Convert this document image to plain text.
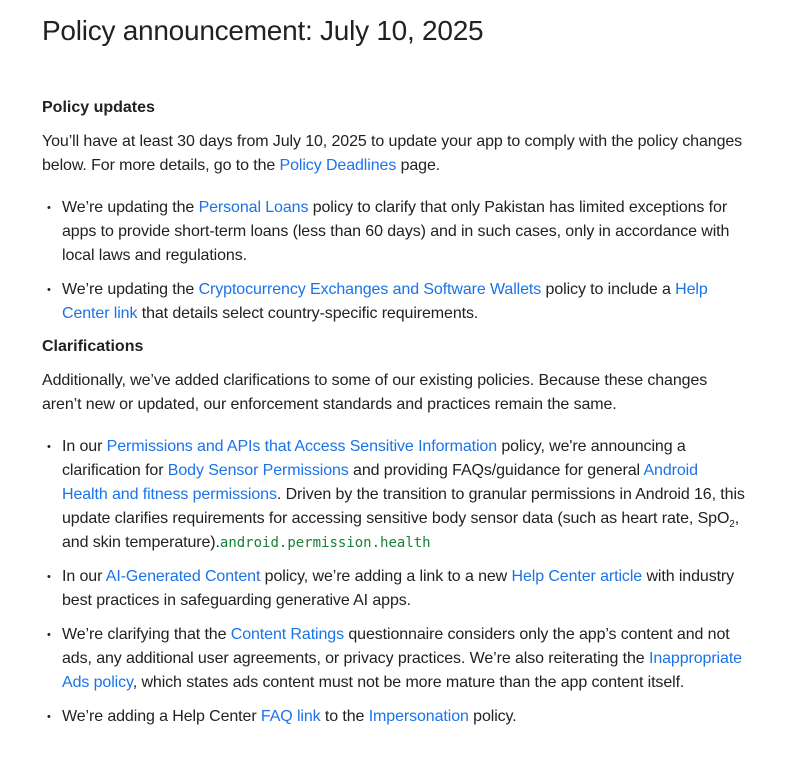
Policy announcement: July 10, 2025
Policy updates

You’ll have at least 30 days from July 10, 2025 to update your app to comply with the policy changes below. For more details, go to the Policy Deadlines page.

• We’re updating the Personal Loans policy to clarify that only Pakistan has limited exceptions for apps to provide short-term loans (less than 60 days) and in such cases, only in accordance with local laws and regulations.
• We’re updating the Cryptocurrency Exchanges and Software Wallets policy to include a Help Center link that details select country-specific requirements.
Clarifications

Additionally, we’ve added clarifications to some of our existing policies. Because these changes aren’t new or updated, our enforcement standards and practices remain the same.

• In our Permissions and APIs that Access Sensitive Information policy, we're announcing a clarification for Body Sensor Permissions and providing FAQs/guidance for general Android Health and fitness permissions. Driven by the transition to granular permissions in Android 16, this update clarifies requirements for accessing sensitive body sensor data (such as heart rate, SpO$_2$, and skin temperature).android.permission.health
• In our AI-Generated Content policy, we’re adding a link to a new Help Center article with industry best practices in safeguarding generative AI apps.
• We’re clarifying that the Content Ratings questionnaire considers only the app’s content and not ads, any additional user agreements, or privacy practices. We’re also reiterating the Inappropriate Ads policy, which states ads content must not be more mature than the app content itself.
• We’re adding a Help Center FAQ link to the Impersonation policy.
